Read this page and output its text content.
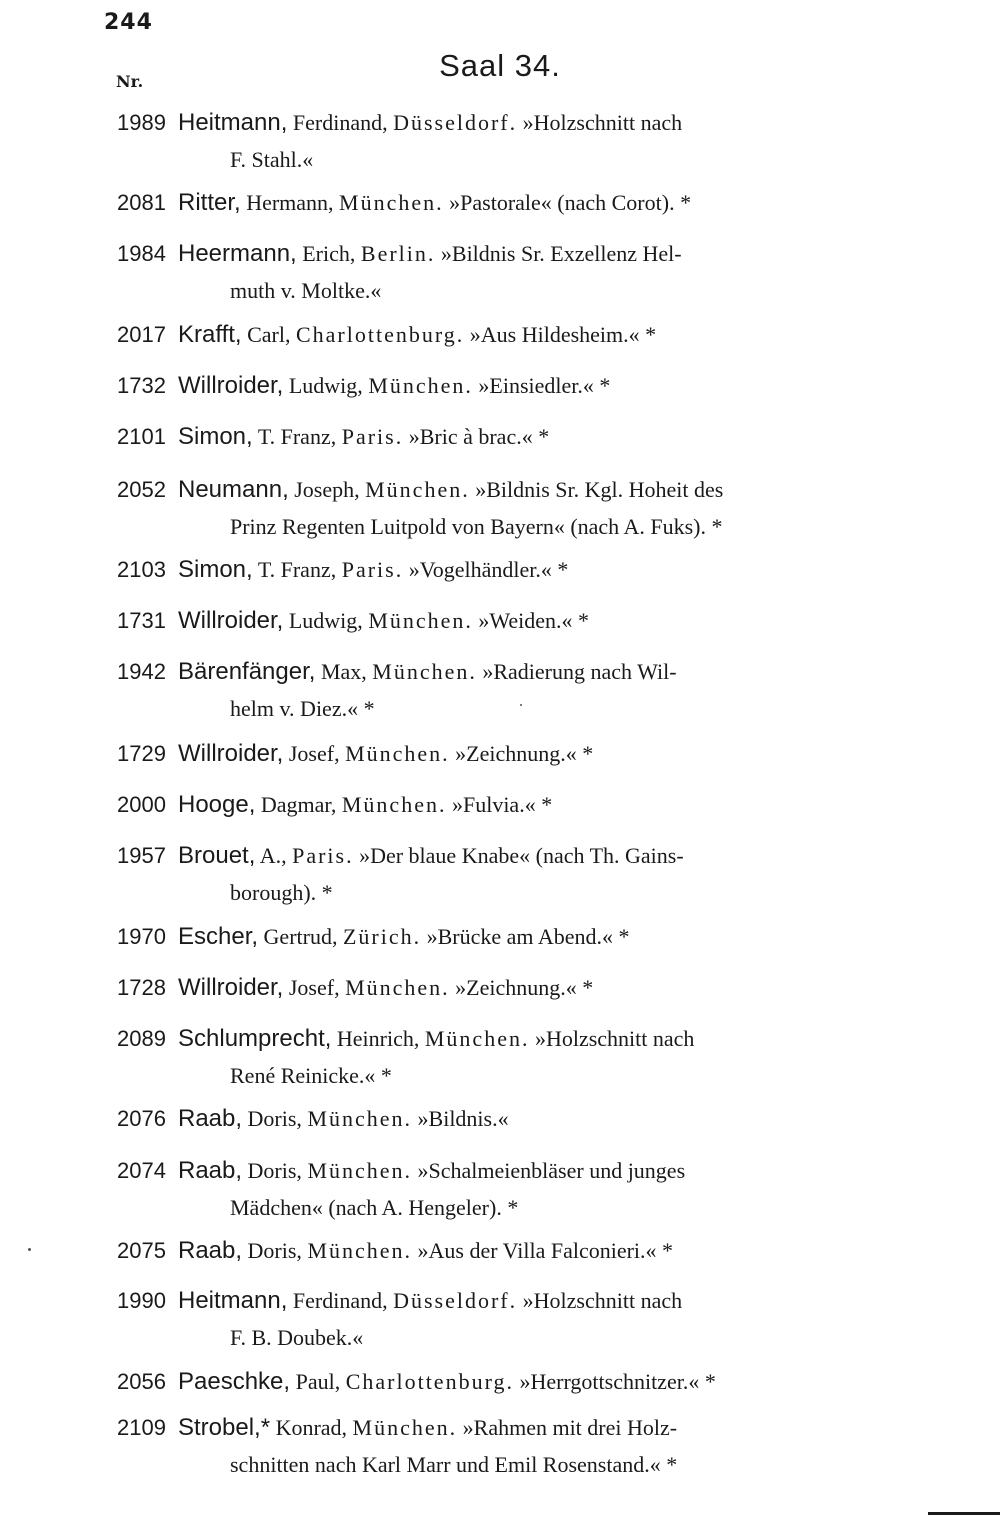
244
Nr.	Saal 34.
1989 Heitmann, Ferdinand, Düsseldorf. »Holzschnitt nach
F. Stahl.«
2081 Ritter, Hermann, München. »Pastorale« (nach Corot). *
1984 Heermann, Erich, Berlin. »Bildnis Sr. Exzellenz Hel-
muth v. Moltke.«
2017 Krafft, Carl, Charlottenburg. »Aus Hildesheim.« *
1732 Willroider, Ludwig, München. »Einsiedler.« *
2101 Simon, T. Franz, Paris. »Bric à brac.« *
2052 Neumann, Joseph, München. »Bildnis Sr. Kgl. Hoheit des
Prinz Regenten Luitpold von Bayern« (nach A. Fuks). *
2103 Simon, T. Franz, Paris. »Vogelhändler.« *
1731 Willroider, Ludwig, München. »Weiden.« *
1942 Bärenfänger, Max, München. »Radierung nach Wil-
helm v. Diez.« *
1729 Willroider, Josef, München. »Zeichnung.« *
2000 Hooge, Dagmar, München. »Fulvia.« *
1957 Brouet, A., Paris. »Der blaue Knabe« (nach Th. Gains-
borough). *
1970 Escher, Gertrud, Zürich. »Brücke am Abend.« *
1728 Willroider, Josef, München. »Zeichnung.« *
2089 Schlumprecht, Heinrich, München. »Holzschnitt nach
René Reinicke.« *
2076 Raab, Doris, München. »Bildnis.«
2074 Raab, Doris, München. »Schalmeienbläser und junges
Mädchen« (nach A. Hengeler). *
2075 Raab, Doris, München. »Aus der Villa Falconieri.« *
1990 Heitmann, Ferdinand, Düsseldorf. »Holzschnitt nach
F. B. Doubek.«
2056 Paeschke, Paul, Charlottenburg. »Herrgottschnitzer.« *
2109 Strobel,* Konrad, München. »Rahmen mit drei Holz-
schnitten nach Karl Marr und Emil Rosenstand.« *
